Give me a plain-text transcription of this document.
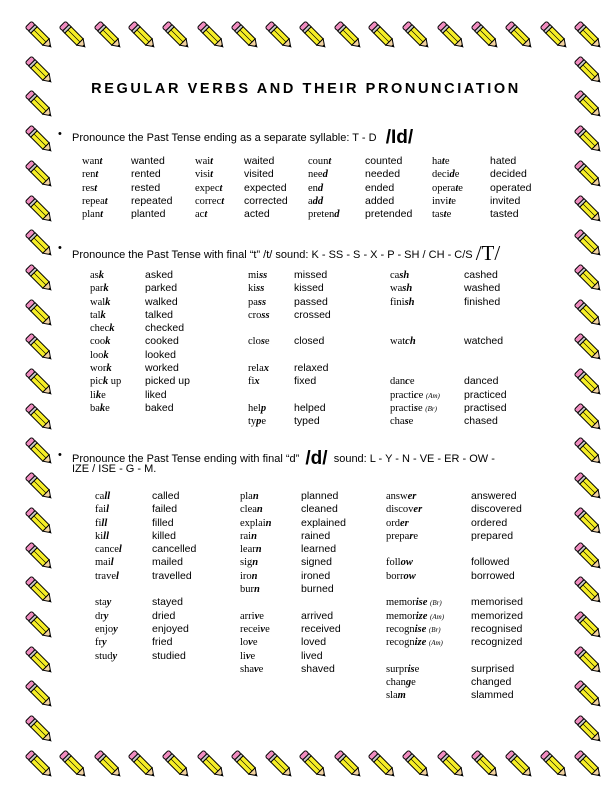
REGULAR VERBS AND THEIR PRONUNCIATION
• Pronounce the Past Tense ending as a separate syllable: T - D /Id/
want
rent
rest
repeat
plant
wanted
rented
rested
repeated
planted
wait
visit
expect
correct
act
waited
visited
expected
corrected
acted
count
need
end
add
pretend
counted
needed
ended
added
pretended
hate
decide
operate
invite
taste
hated
decided
operated
invited
tasted
•
Pronounce the Past Tense with final “t” /t/ sound: K - SS - S - X - P - SH / CH - C/S /T/
ask
park
walk
talk
check
cook
look
work
pick up
like
bake
asked
parked
walked
talked
checked
cooked
looked
worked
picked up
liked
baked
miss
kiss
pass
cross
close
relax
fix
help
type
missed
kissed
passed
crossed
closed
relaxed
fixed
helped
typed
cash
wash
finish
watch
dance
practice (Am)
practise (Br)
chase
cashed
washed
finished
watched
danced
practiced
practised
chased
• Pronounce the Past Tense ending with final “d” /d/ sound: L - Y - N - VE - ER - OW -
IZE / ISE - G - M.
call
fail
fill
kill
cancel
mail
travel
stay
dry
enjoy
fry
study
called
failed
filled
killed
cancelled
mailed
travelled
stayed
dried
enjoyed
fried
studied
plan
clean
explain
rain
learn
sign
iron
burn
arrive
receive
love
live
shave
planned
cleaned
explained
rained
learned
signed
ironed
burned
arrived
received
loved
lived
shaved
answer
discover
order
prepare
follow
borrow
memorise (Br)
memorize (Am)
recognise (Br)
recognize (Am)
surprise
change
slam
answered
discovered
ordered
prepared
followed
borrowed
memorised
memorized
recognised
recognized
surprised
changed
slammed
